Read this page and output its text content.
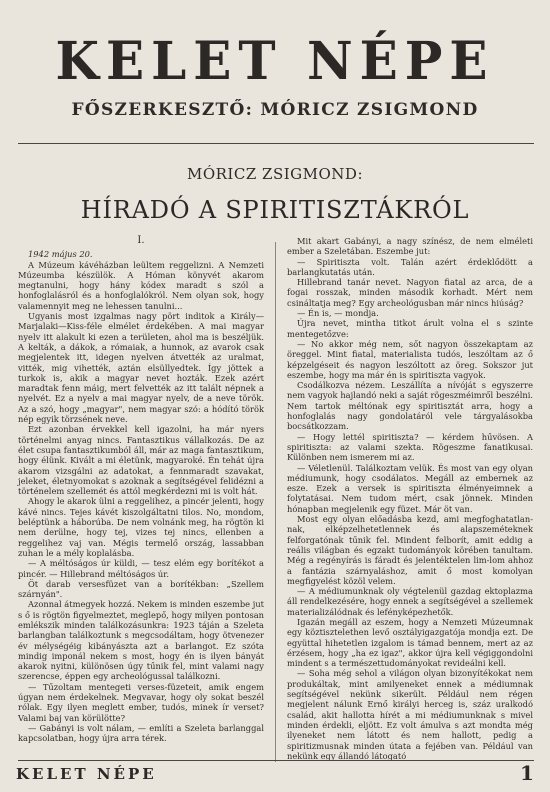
KELET NÉPE
FŐSZERKESZTŐ: MÓRICZ ZSIGMOND
MÓRICZ ZSIGMOND:
HÍRADÓ A SPIRITISZTÁKRÓL

I.

1942 május 20.

A Múzeum kávéházban leültem reggelizni. A Nemzeti Múzeumba készülök. A Hóman könyvét akarom megtanulni, hogy hány kódex maradt s szól a honfoglalásról és a honfoglalókról. Nem olyan sok, hogy valamennyit meg ne lehessen tanulni...

Ugyanis most izgalmas nagy pört inditok a Király—Marjalaki—Kiss-féle elmélet érdekében. A mai magyar nyelv itt alakult ki ezen a területen, ahol ma is beszéljük. A kelták, a dákok, a rómaiak, a hunnok, az avarok csak megjelentek itt, idegen nyelven átvették az uralmat, vitték, mig vihették, aztán elsüllyedtek. Így jöttek a turkok is, akik a magyar nevet hozták. Ezek azért maradtak fenn máig, mert felvették az itt talált népnek a nyelvét. Ez a nyelv a mai magyar nyelv, de a neve török. Az a szó, hogy „magyar", nem magyar szó: a hódító török nép egyik törzsének neve.

Ezt azonban érvekkel kell igazolni, ha már nyers történelmi anyag nincs. Fantasztikus vállalkozás. De az élet csupa fantasztikumból áll, már az maga fantasztikum, hogy élünk. Kivált a mi életünk, magyaroké. Én tehát újra akarom vizsgálni az adatokat, a fennmaradt szavakat, jeleket, életnyomokat s azoknak a segítségével felidézni a történelem szellemét és attól megkérdezni mi is volt hát.

Ahogy le akarok ülni a reggelihez, a pincér jelenti, hogy kávé nincs. Tejes kávét kiszolgáltatni tilos. No, mondom, beléptünk a háborúba. De nem volnánk meg, ha rögtön ki nem derülne, hogy tej, vizes tej nincs, ellenben a reggelihez vaj van. Mégis termelő ország, lassabban zuhan le a mély koplalásba.

— A méltóságos úr küldi, — tesz elém egy borítékot a pincér. — Hillebrand méltóságos úr.

Öt darab versesfüzet van a borítékban: „Szellem szárnyán".

Azonnal átmegyek hozzá. Nekem is minden eszembe jut s ő is rögtön figyelmeztet, meglepő, hogy milyen pontosan emlékszik minden találkozásunkra: 1923 táján a Szeleta barlangban találkoztunk s megcsodáltam, hogy ötvenezer év mélységéig kibányászta azt a barlangot. Ez szóta mindig imponál nekem s most, hogy én is ilyen bányát akarok nyitni, különösen úgy tűnik fel, mint valami nagy szerencse, éppen egy archeológussal találkozni.

— Tűzoltam mentegeti verses-füzeteit, amik engem úgyan nem érdekelnek. Megvavar, hogy oly sokat beszél rólak. Egy ilyen meglett ember, tudós, minek ír verset? Valami baj van körülötte?

— Gabányi is volt nálam, — említi a Szeleta barlanggal kapcsolatban, hogy újra arra térek.

Mit akart Gabányi, a nagy színész, de nem elméleti ember a Szeletában. Eszembe jut:

— Spiritiszta volt. Talán azért érdeklődött a barlangkutatás után.

Hillebrand tanár nevet. Nagyon fiatal az arca, de a fogai rosszak, minden második korhadt. Mért nem csináltatja meg? Egy archeológusban már nincs hiúság?

— Én is, — mondja.

Újra nevet, mintha titkot árult volna el s szinte mentegetőzve:

— No akkor még nem, sőt nagyon összekaptam az öreggel. Mint fiatal, materialista tudós, leszóltam az ő képzelgéseit és nagyon leszóltott az öreg. Sokszor jut eszembe, hogy ma már én is spiritiszta vagyok.

Csodálkozva nézem. Leszállíta a nívóját s egyszerre nem vagyok hajlandó neki a saját rögeszméimről beszélni. Nem tartok méltónak egy spiritisztát arra, hogy a honfoglalás nagy gondolatáról vele tárgyalásokba bocsátkozzam.

— Hogy lettél spiritiszta? — kérdem hűvösen. A spiritiszta: az valami szekta. Rögeszme fanatikusai. Különben nem ismerem mi az.

— Véletlenül. Találkoztam velük. És most van egy olyan médiumunk, hogy csodálatos. Megáll az embernek az esze. Ezek a versek is spiritiszta élményeimnek a folytatásai. Nem tudom mért, csak jönnek. Minden hónapban megjelenik egy füzet. Már öt van.

Most egy olyan előadásba kezd, ami megfoghatatlan-nak, elképzelhetetlennek és alapszeméteknek felforgatónak tűnik fel. Mindent felborít, amit eddig a reális világban és egzakt tudományok körében tanultam. Még a regényírás is fáradt és jelentéktelen lim-lom ahhoz a fantázia szárnyaláshoz, amit ő most komolyan megfigyelést közöl velem.

— A médiumunknak oly végtelenül gazdag ektoplazma áll rendelkezésére, hogy ennek a segítségével a szellemek materializálódnak és lefényképezhetők.

Igazán megáll az eszem, hogy a Nemzeti Múzeumnak egy köztisztelethen levő osztályigazgatója mondja ezt. De együttal hihetetlen izgalom is támad bennem, mert az az érzésem, hogy „ha ez igaz", akkor újra kell végiggondolni mindent s a természettudományokat revideálni kell.

— Soha még sehol a világon olyan bizonyítékokat nem produkáltak, mint amilyeneket ennek a médiumnak segítségével nekünk sikerült. Például nem régen megjelent nálunk Ernő királyi herceg is, száz uralkodó család, akit hallotta hírét a mi médiumunknak s mivel minden érdekli, eljött. Ez volt ámulva s azt mondta még ilyeneket nem látott és nem hallott, pedig a spiritizmusnak minden útata a fejében van. Például van nekünk egy állandó látogató

KELET NÉPE	1
